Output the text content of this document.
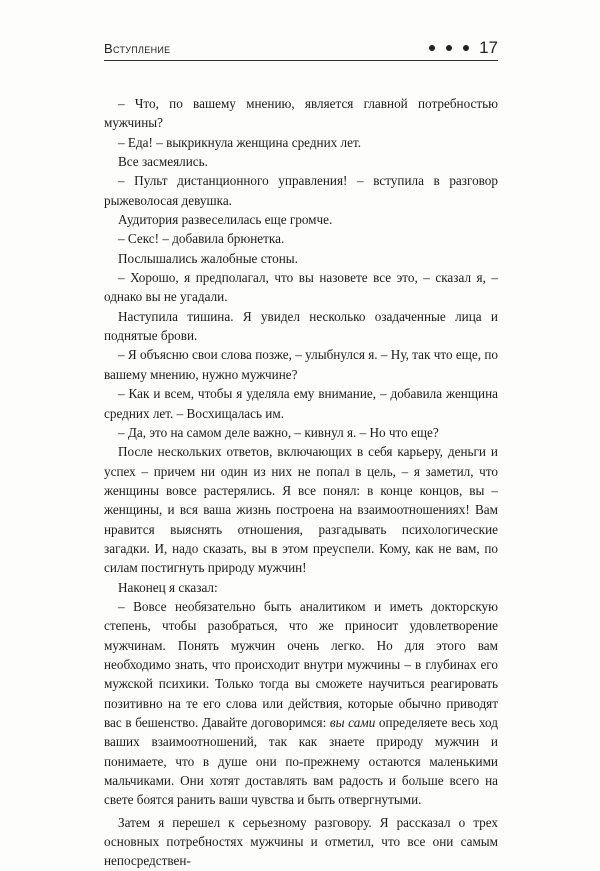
Вступление	17

– Что, по вашему мнению, является главной потребностью мужчины?

– Еда! – выкрикнула женщина средних лет.

Все засмеялись.

– Пульт дистанционного управления! – вступила в разговор рыжеволосая девушка.

Аудитория развеселилась еще громче.

– Секс! – добавила брюнетка.

Послышались жалобные стоны.

– Хорошо, я предполагал, что вы назовете все это, – сказал я, – однако вы не угадали.

Наступила тишина. Я увидел несколько озадаченные лица и поднятые брови.

– Я объясню свои слова позже, – улыбнулся я. – Ну, так что еще, по вашему мнению, нужно мужчине?

– Как и всем, чтобы я уделяла ему внимание, – добавила женщина средних лет. – Восхищалась им.

– Да, это на самом деле важно, – кивнул я. – Но что еще?

После нескольких ответов, включающих в себя карьеру, деньги и успех – причем ни один из них не попал в цель, – я заметил, что женщины вовсе растерялись. Я все понял: в конце концов, вы – женщины, и вся ваша жизнь построена на взаимоотношениях! Вам нравится выяснять отношения, разгадывать психологические загадки. И, надо сказать, вы в этом преуспели. Кому, как не вам, по силам постигнуть природу мужчин!

Наконец я сказал:

– Вовсе необязательно быть аналитиком и иметь докторскую степень, чтобы разобраться, что же приносит удовлетворение мужчинам. Понять мужчин очень легко. Но для этого вам необходимо знать, что происходит внутри мужчины – в глубинах его мужской психики. Только тогда вы сможете научиться реагировать позитивно на те его слова или действия, которые обычно приводят вас в бешенство. Давайте договоримся: вы сами определяете весь ход ваших взаимоотношений, так как знаете природу мужчин и понимаете, что в душе они по-прежнему остаются маленькими мальчиками. Они хотят доставлять вам радость и больше всего на свете боятся ранить ваши чувства и быть отвергнутыми.

Затем я перешел к серьезному разговору. Я рассказал о трех основных потребностях мужчины и отметил, что все они самым непосредствен-
